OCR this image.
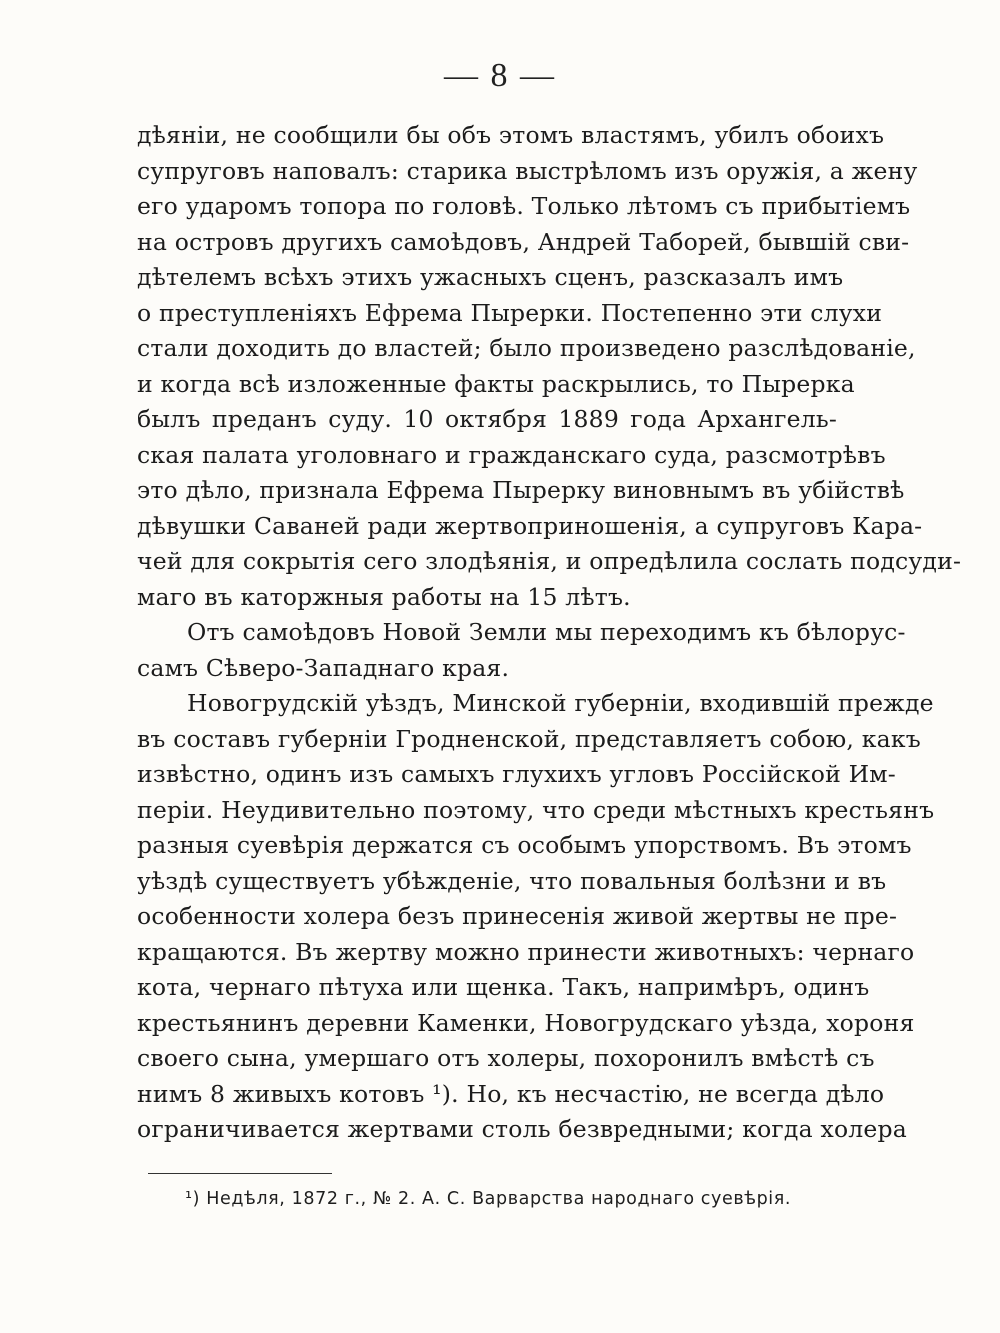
— 8 —
дѣяніи, не сообщили бы объ этомъ властямъ, убилъ обоихъ
супруговъ наповалъ: старика выстрѣломъ изъ оружія, а жену
его ударомъ топора по головѣ. Только лѣтомъ съ прибытіемъ
на островъ другихъ самоѣдовъ, Андрей Таборей, бывшій сви-
дѣтелемъ всѣхъ этихъ ужасныхъ сценъ, разсказалъ имъ
о преступленіяхъ Ефрема Пырерки. Постепенно эти слухи
стали доходить до властей; было произведено разслѣдованіе,
и когда всѣ изложенные факты раскрылись, то Пырерка
былъ преданъ суду. 10 октября 1889 года Архангель-
ская палата уголовнаго и гражданскаго суда, разсмотрѣвъ
это дѣло, признала Ефрема Пырерку виновнымъ въ убійствѣ
дѣвушки Саваней ради жертвоприношенія, а супруговъ Кара-
чей для сокрытія сего злодѣянія, и опредѣлила сослать подсуди-
маго въ каторжныя работы на 15 лѣтъ.
Отъ самоѣдовъ Новой Земли мы переходимъ къ бѣлорус-
самъ Сѣверо-Западнаго края.
Новогрудскій уѣздъ, Минской губерніи, входившій прежде
въ составъ губерніи Гродненской, представляетъ собою, какъ
извѣстно, одинъ изъ самыхъ глухихъ угловъ Россійской Им-
періи. Неудивительно поэтому, что среди мѣстныхъ крестьянъ
разныя суевѣрія держатся съ особымъ упорствомъ. Въ этомъ
уѣздѣ существуетъ убѣжденіе, что повальныя болѣзни и въ
особенности холера безъ принесенія живой жертвы не пре-
кращаются. Въ жертву можно принести животныхъ: чернаго
кота, чернаго пѣтуха или щенка. Такъ, напримѣръ, одинъ
крестьянинъ деревни Каменки, Новогрудскаго уѣзда, хороня
своего сына, умершаго отъ холеры, похоронилъ вмѣстѣ съ
нимъ 8 живыхъ котовъ ¹). Но, къ несчастію, не всегда дѣло
ограничивается жертвами столь безвредными; когда холера
¹) Недѣля, 1872 г., № 2. А. С. Варварства народнаго суевѣрія.
